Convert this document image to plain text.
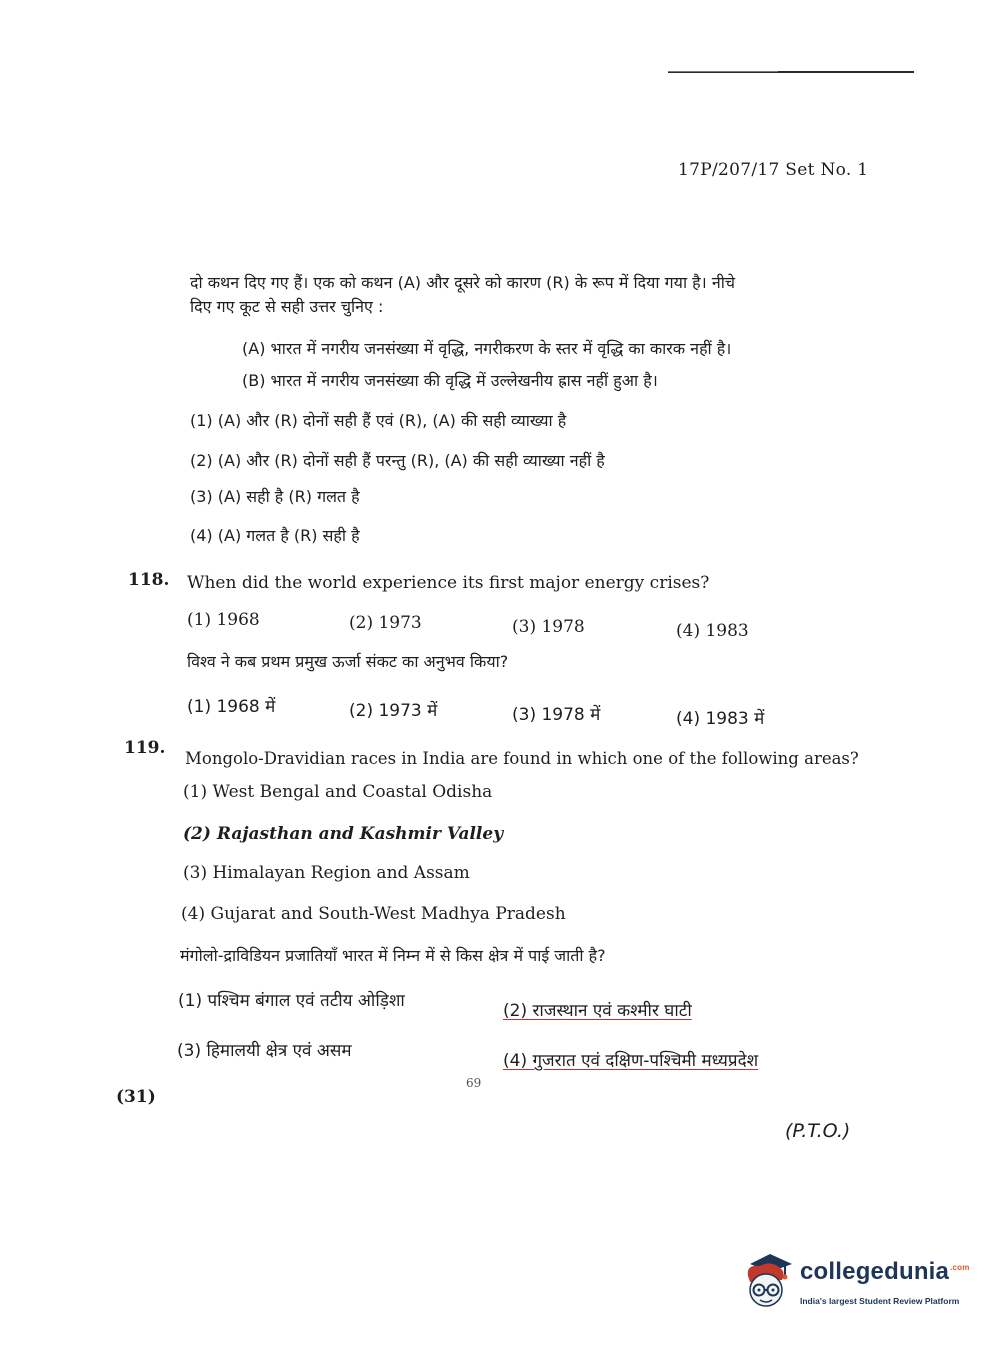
17P/207/17 Set No. 1
दो कथन दिए गए हैं। एक को कथन (A) और दूसरे को कारण (R) के रूप में दिया गया है। नीचे
दिए गए कूट से सही उत्तर चुनिए :
(A) भारत में नगरीय जनसंख्या में वृद्धि, नगरीकरण के स्तर में वृद्धि का कारक नहीं है।
(B) भारत में नगरीय जनसंख्या की वृद्धि में उल्लेखनीय ह्रास नहीं हुआ है।
(1) (A) और (R) दोनों सही हैं एवं (R), (A) की सही व्याख्या है
(2) (A) और (R) दोनों सही हैं परन्तु (R), (A) की सही व्याख्या नहीं है
(3) (A) सही है (R) गलत है
(4) (A) गलत है (R) सही है
118. When did the world experience its first major energy crises?
(1) 1968	(2) 1973	(3) 1978	(4) 1983
विश्व ने कब प्रथम प्रमुख ऊर्जा संकट का अनुभव किया?
(1) 1968 में	(2) 1973 में	(3) 1978 में	(4) 1983 में
119.
Mongolo-Dravidian races in India are found in which one of the following areas?
(1) West Bengal and Coastal Odisha
(2) Rajasthan and Kashmir Valley
(3) Himalayan Region and Assam
(4) Gujarat and South-West Madhya Pradesh
मंगोलो-द्राविडियन प्रजातियाँ भारत में निम्न में से किस क्षेत्र में पाई जाती है?
(1) पश्चिम बंगाल एवं तटीय ओड़िशा	(2) राजस्थान एवं कश्मीर घाटी
(3) हिमालयी क्षेत्र एवं असम	(4) गुजरात एवं दक्षिण-पश्चिमी मध्यप्रदेश
69
(31)
(P.T.O.)
collegedunia$^{.com}$
India's largest Student Review Platform
